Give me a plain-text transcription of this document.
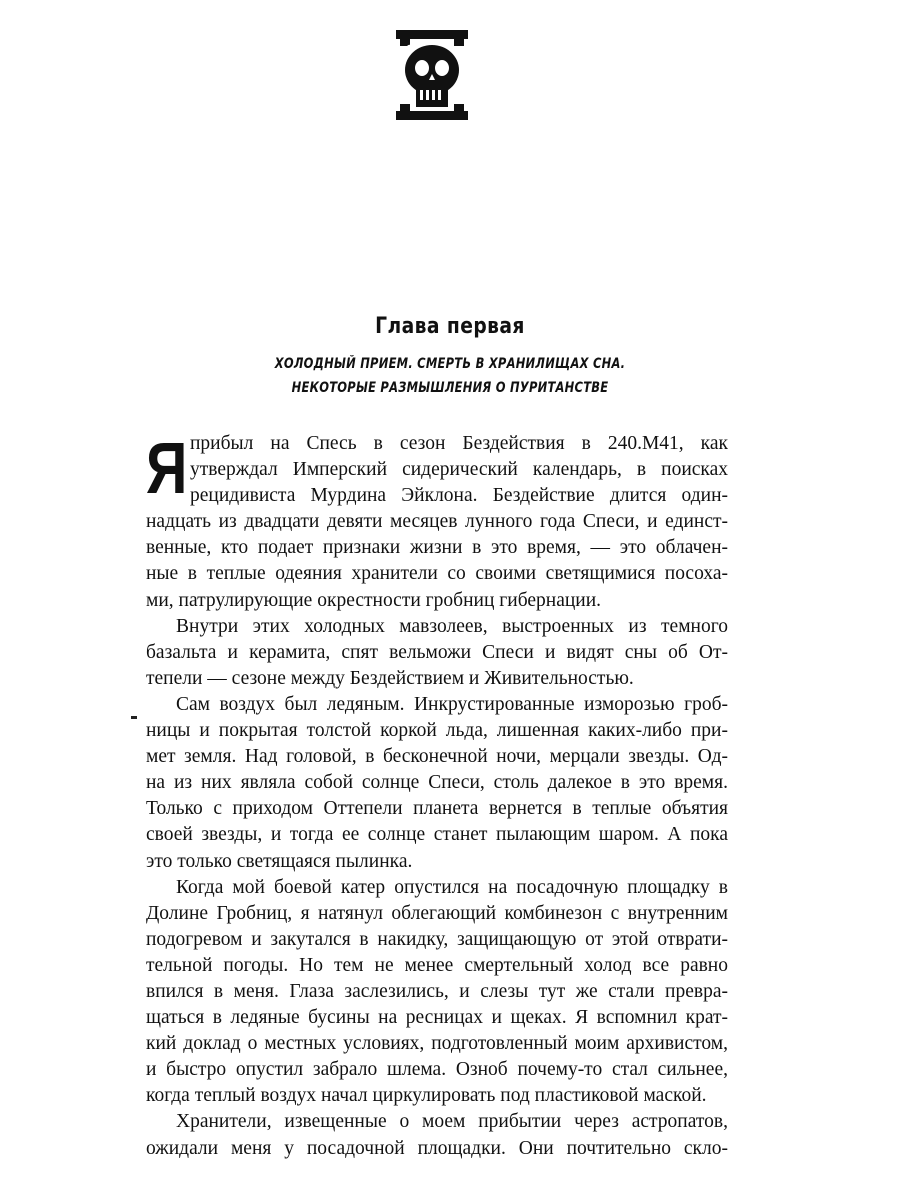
Глава первая
ХОЛОДНЫЙ ПРИЕМ. СМЕРТЬ В ХРАНИЛИЩАХ СНА.
НЕКОТОРЫЕ РАЗМЫШЛЕНИЯ О ПУРИТАНСТВЕ
Я прибыл на Спесь в сезон Бездействия в 240.М41, как
утверждал Имперский сидерический календарь, в поисках
рецидивиста Мурдина Эйклона. Бездействие длится один-
надцать из двадцати девяти месяцев лунного года Спеси, и единст-
венные, кто подает признаки жизни в это время, — это облачен-
ные в теплые одеяния хранители со своими светящимися посоха-
ми, патрулирующие окрестности гробниц гибернации.
Внутри этих холодных мавзолеев, выстроенных из темного
базальта и керамита, спят вельможи Спеси и видят сны об От-
тепели — сезоне между Бездействием и Живительностью.
Сам воздух был ледяным. Инкрустированные изморозью гроб-
ницы и покрытая толстой коркой льда, лишенная каких-либо при-
мет земля. Над головой, в бесконечной ночи, мерцали звезды. Од-
на из них являла собой солнце Спеси, столь далекое в это время.
Только с приходом Оттепели планета вернется в теплые объятия
своей звезды, и тогда ее солнце станет пылающим шаром. А пока
это только светящаяся пылинка.
Когда мой боевой катер опустился на посадочную площадку в
Долине Гробниц, я натянул облегающий комбинезон с внутренним
подогревом и закутался в накидку, защищающую от этой отврати-
тельной погоды. Но тем не менее смертельный холод все равно
впился в меня. Глаза заслезились, и слезы тут же стали превра-
щаться в ледяные бусины на ресницах и щеках. Я вспомнил крат-
кий доклад о местных условиях, подготовленный моим архивистом,
и быстро опустил забрало шлема. Озноб почему-то стал сильнее,
когда теплый воздух начал циркулировать под пластиковой маской.
Хранители, извещенные о моем прибытии через астропатов,
ожидали меня у посадочной площадки. Они почтительно скло-
